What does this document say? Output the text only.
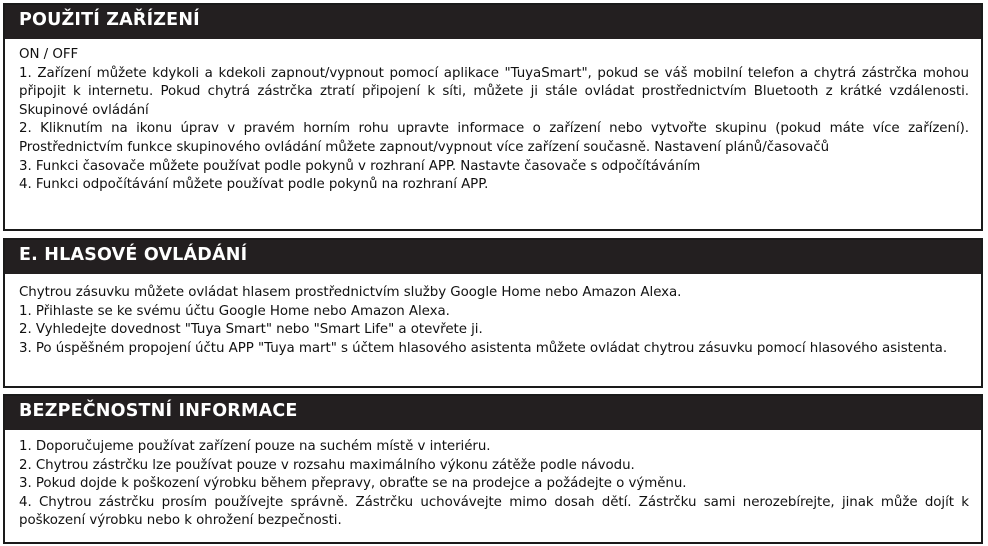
POUŽITÍ ZAŘÍZENÍ

ON / OFF

1. Zařízení můžete kdykoli a kdekoli zapnout/vypnout pomocí aplikace "TuyaSmart", pokud se váš mobilní telefon a chytrá zástrčka mohou připojit k internetu. Pokud chytrá zástrčka ztratí připojení k síti, můžete ji stále ovládat prostřednictvím Bluetooth z krátké vzdálenosti. Skupinové ovládání

2. Kliknutím na ikonu úprav v pravém horním rohu upravte informace o zařízení nebo vytvořte skupinu (pokud máte více zařízení). Prostřednictvím funkce skupinového ovládání můžete zapnout/vypnout více zařízení současně. Nastavení plánů/časovačů

3. Funkci časovače můžete používat podle pokynů v rozhraní APP. Nastavte časovače s odpočítáváním

4. Funkci odpočítávání můžete používat podle pokynů na rozhraní APP.

E. HLASOVÉ OVLÁDÁNÍ

Chytrou zásuvku můžete ovládat hlasem prostřednictvím služby Google Home nebo Amazon Alexa.

1. Přihlaste se ke svému účtu Google Home nebo Amazon Alexa.

2. Vyhledejte dovednost "Tuya Smart" nebo "Smart Life" a otevřete ji.

3. Po úspěšném propojení účtu APP "Tuya mart" s účtem hlasového asistenta můžete ovládat chytrou zásuvku pomocí hlasového asistenta.

BEZPEČNOSTNÍ INFORMACE

1. Doporučujeme používat zařízení pouze na suchém místě v interiéru.

2. Chytrou zástrčku lze používat pouze v rozsahu maximálního výkonu zátěže podle návodu.

3. Pokud dojde k poškození výrobku během přepravy, obraťte se na prodejce a požádejte o výměnu.

4. Chytrou zástrčku prosím používejte správně. Zástrčku uchovávejte mimo dosah dětí. Zástrčku sami nerozebírejte, jinak může dojít k poškození výrobku nebo k ohrožení bezpečnosti.
